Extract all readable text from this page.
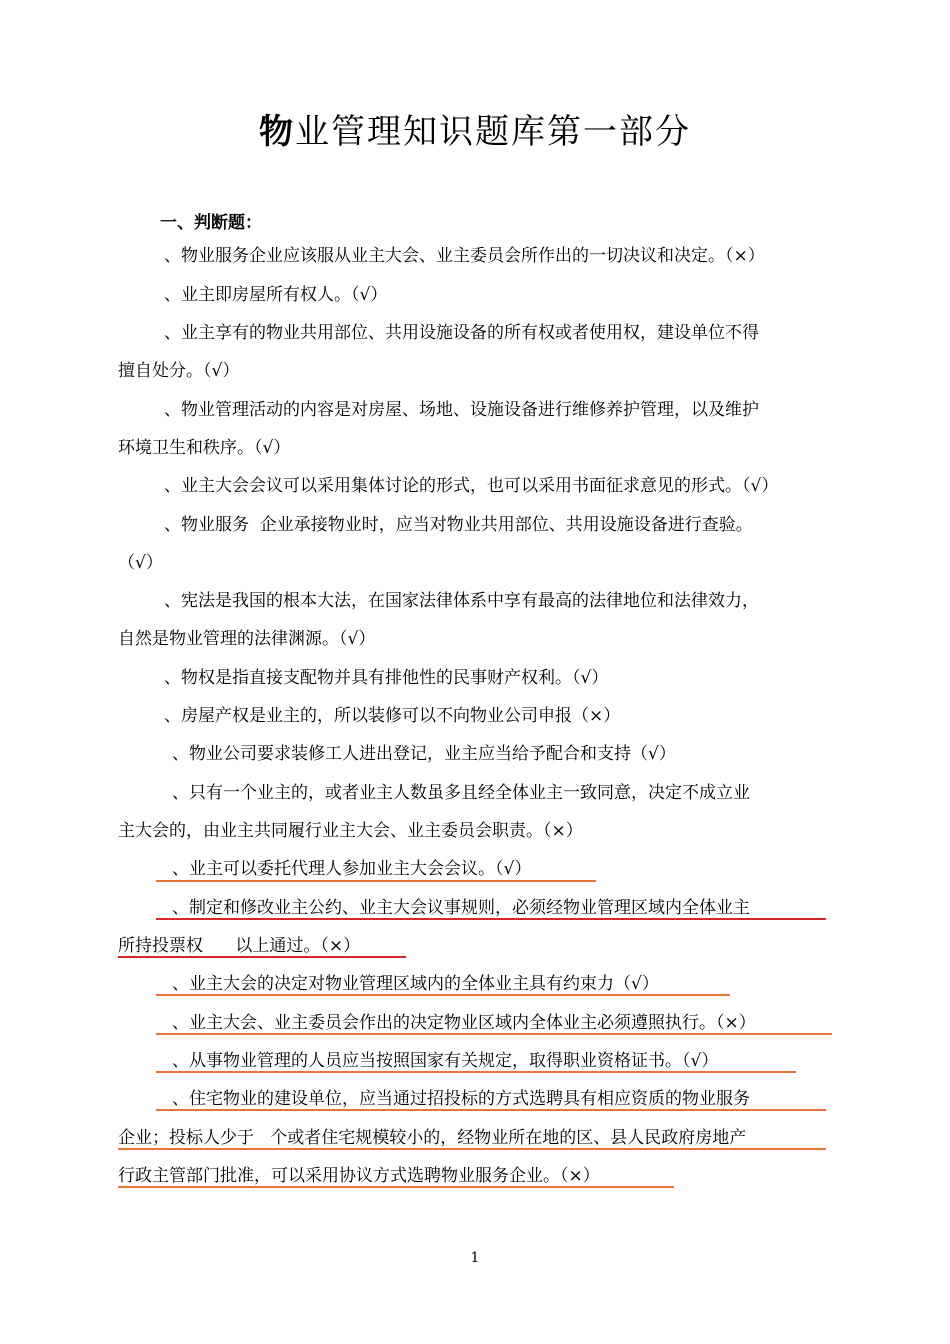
物业管理知识题库第一部分
一、判断题：
、物业服务企业应该服从业主大会、业主委员会所作出的一切决议和决定。（×）
、业主即房屋所有权人。（√）
、业主享有的物业共用部位、共用设施设备的所有权或者使用权，建设单位不得
擅自处分。（√）
、物业管理活动的内容是对房屋、场地、设施设备进行维修养护管理，以及维护
环境卫生和秩序。（√）
、业主大会会议可以采用集体讨论的形式，也可以采用书面征求意见的形式。（√）
、物业服务  企业承接物业时，应当对物业共用部位、共用设施设备进行查验。
（√）
、宪法是我国的根本大法，在国家法律体系中享有最高的法律地位和法律效力，
自然是物业管理的法律渊源。（√）
、物权是指直接支配物并具有排他性的民事财产权利。（√）
、房屋产权是业主的，所以装修可以不向物业公司申报（×）
、物业公司要求装修工人进出登记，业主应当给予配合和支持（√）
、只有一个业主的，或者业主人数虽多且经全体业主一致同意，决定不成立业
主大会的，由业主共同履行业主大会、业主委员会职责。（×）
、业主可以委托代理人参加业主大会会议。（√）
、制定和修改业主公约、业主大会议事规则，必须经物业管理区域内全体业主
所持投票权      以上通过。（×）
、业主大会的决定对物业管理区域内的全体业主具有约束力（√）
、业主大会、业主委员会作出的决定物业区域内全体业主必须遵照执行。（×）
、从事物业管理的人员应当按照国家有关规定，取得职业资格证书。（√）
、住宅物业的建设单位，应当通过招投标的方式选聘具有相应资质的物业服务
企业；投标人少于   个或者住宅规模较小的，经物业所在地的区、县人民政府房地产
行政主管部门批准，可以采用协议方式选聘物业服务企业。（×）
1
